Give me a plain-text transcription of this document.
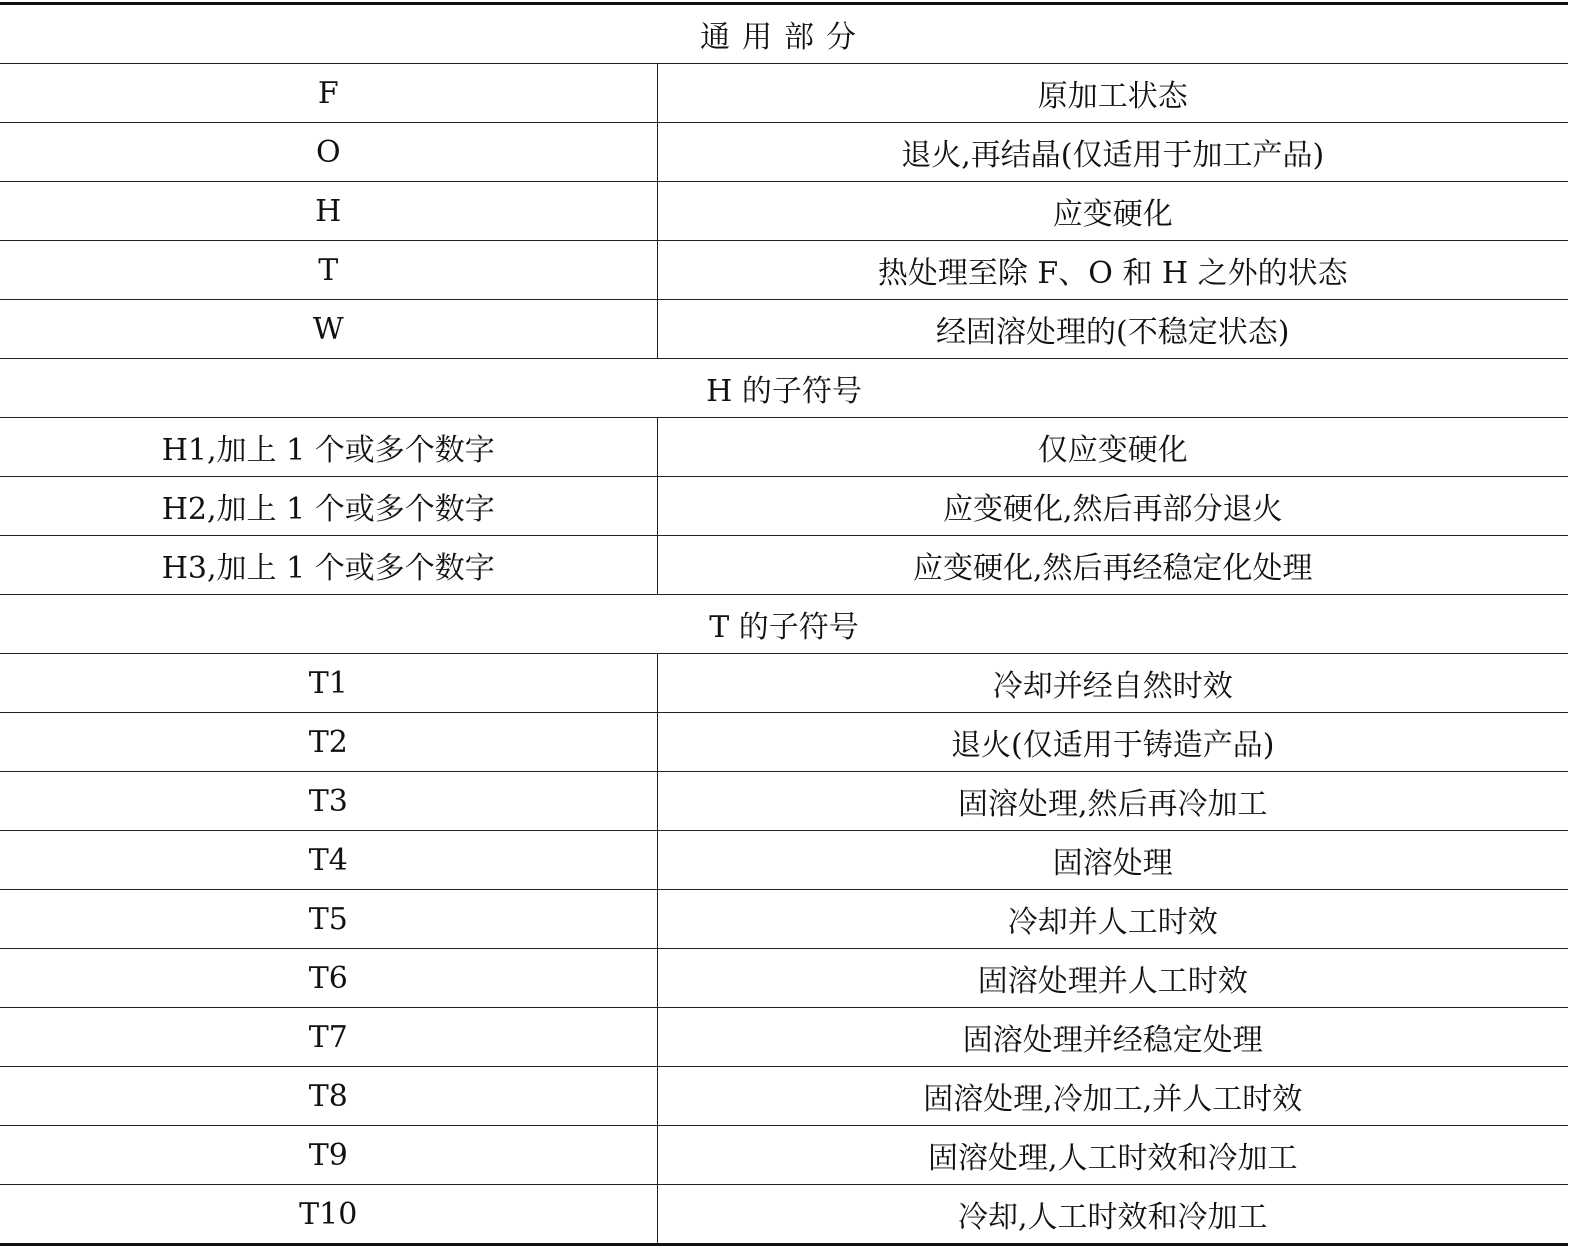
通用部分	
F	原加工状态
O	退火,再结晶(仅适用于加工产品)
H	应变硬化
T	热处理至除 F、O 和 H 之外的状态
W	经固溶处理的(不稳定状态)
H 的子符号	
H1,加上 1 个或多个数字	仅应变硬化
H2,加上 1 个或多个数字	应变硬化,然后再部分退火
H3,加上 1 个或多个数字	应变硬化,然后再经稳定化处理
T 的子符号	
T1	冷却并经自然时效
T2	退火(仅适用于铸造产品)
T3	固溶处理,然后再冷加工
T4	固溶处理
T5	冷却并人工时效
T6	固溶处理并人工时效
T7	固溶处理并经稳定处理
T8	固溶处理,冷加工,并人工时效
T9	固溶处理,人工时效和冷加工
T10	冷却,人工时效和冷加工
